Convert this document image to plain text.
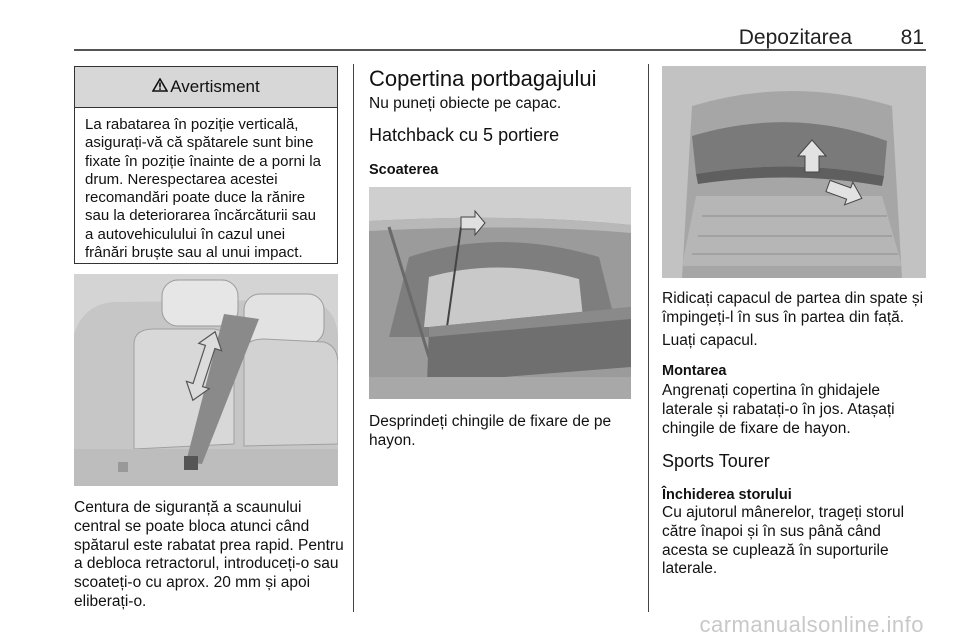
Depozitarea 81
Avertisment
La rabatarea în poziție verticală, asigurați-vă că spătarele sunt bine fixate în poziție înainte de a porni la drum. Nerespectarea acestei recomandări poate duce la rănire sau la deteriorarea încărcăturii sau a autovehiculului în cazul unei frânări bruște sau al unui impact.
Centura de siguranță a scaunului central se poate bloca atunci când spătarul este rabatat prea rapid. Pentru a debloca retractorul, introduceți-o sau scoateți-o cu aprox. 20 mm și apoi eliberați-o.
Copertina portbagajului
Nu puneți obiecte pe capac.
Hatchback cu 5 portiere
Scoaterea
Desprindeți chingile de fixare de pe hayon.
Ridicați capacul de partea din spate și împingeți-l în sus în partea din față.
Luați capacul.
Montarea
Angrenați copertina în ghidajele laterale și rabatați-o în jos. Atașați chingile de fixare de hayon.
Sports Tourer
Închiderea storului
Cu ajutorul mânerelor, trageți storul către înapoi și în sus până când acesta se cuplează în suporturile laterale.
carmanualsonline.info
